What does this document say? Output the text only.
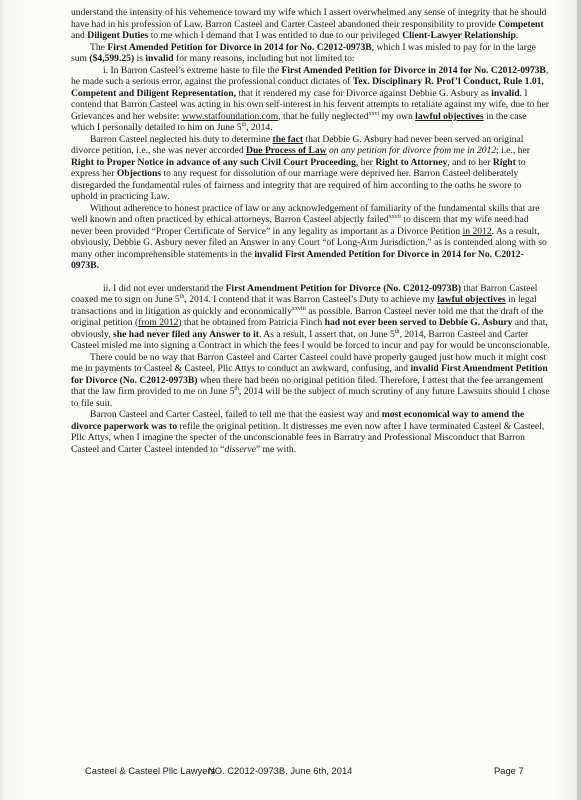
understand the intensity of his vehemence toward my wife which I assert overwhelmed any sense of integrity that he should have had in his profession of Law. Barron Casteel and Carter Casteel abandoned their responsibility to provide Competent and Diligent Duties to me which I demand that I was entitled to due to our privileged Client-Lawyer Relationship.

The First Amended Petition for Divorce in 2014 for No. C2012-0973B, which I was misled to pay for in the large sum ($4,599.25) is invalid for many reasons, including but not limited to:

i. In Barron Casteel’s extreme haste to file the First Amended Petition for Divorce in 2014 for No. C2012-0973B, he made such a serious error, against the professional conduct dictates of Tex. Disciplinary R. Prof’l Conduct, Rule 1.01, Competent and Diligent Representation, that it rendered my case for Divorce against Debbie G. Asbury as invalid. I contend that Barron Casteel was acting in his own self-interest in his fervent attempts to retaliate against my wife, due to her Grievances and her website: www.statfoundation.com, that he fully neglected$^{xxvi}$ my own lawful objectives in the case which I personally detailed to him on June 5th, 2014.

Barron Casteel neglected his duty to determine the fact that Debbie G. Asbury had never been served an original divorce petition, i.e., she was never accorded Due Process of Law on any petition for divorce from me in 2012; i.e., her Right to Proper Notice in advance of any such Civil Court Proceeding, her Right to Attorney, and to her Right to express her Objections to any request for dissolution of our marriage were deprived her. Barron Casteel deliberately disregarded the fundamental rules of fairness and integrity that are required of him according to the oaths he swore to uphold in practicing Law.

Without adherence to honest practice of law or any acknowledgement of familiarity of the fundamental skills that are well known and often practiced by ethical attorneys, Barron Casteel abjectly failed$^{xxvii}$ to discern that my wife need had never been provided “Proper Certificate of Service” in any legality as important as a Divorce Petition in 2012. As a result, obviously, Debbie G. Asbury never filed an Answer in any Court “of Long-Arm Jurisdiction,” as is contended along with so many other incomprehensible statements in the invalid First Amended Petition for Divorce in 2014 for No. C2012-0973B.

ii. I did not ever understand the First Amendment Petition for Divorce (No. C2012-0973B) that Barron Casteel coaxed me to sign on June 5th, 2014. I contend that it was Barron Casteel’s Duty to achieve my lawful objectives in legal transactions and in litigation as quickly and economically$^{xxviii}$ as possible. Barron Casteel never told me that the draft of the original petition (from 2012) that he obtained from Patricia Finch had not ever been served to Debbie G. Asbury and that, obviously, she had never filed any Answer to it. As a result, I assert that, on June 5th, 2014, Barron Casteel and Carter Casteel misled me into signing a Contract in which the fees I would be forced to incur and pay for would be unconscionable.

There could be no way that Barron Casteel and Carter Casteel could have properly gauged just how much it might cost me in payments to Casteel & Casteel, Pllc Attys to conduct an awkward, confusing, and invalid First Amendment Petition for Divorce (No. C2012-0973B) when there had been no original petition filed. Therefore, I attest that the fee arrangement that the law firm provided to me on June 5th, 2014 will be the subject of much scrutiny of any future Lawsuits should I chose to file suit.

Barron Casteel and Carter Casteel, failed to tell me that the easiest way and most economical way to amend the divorce paperwork was to refile the original petition. It distresses me even now after I have terminated Casteel & Casteel, Pllc Attys, when I imagine the specter of the unconscionable fees in Barratry and Professional Misconduct that Barron Casteel and Carter Casteel intended to “disserve” me with.

Casteel & Casteel Pllc Lawyers
NO. C2012-0973B, June 6th, 2014	Page 7
